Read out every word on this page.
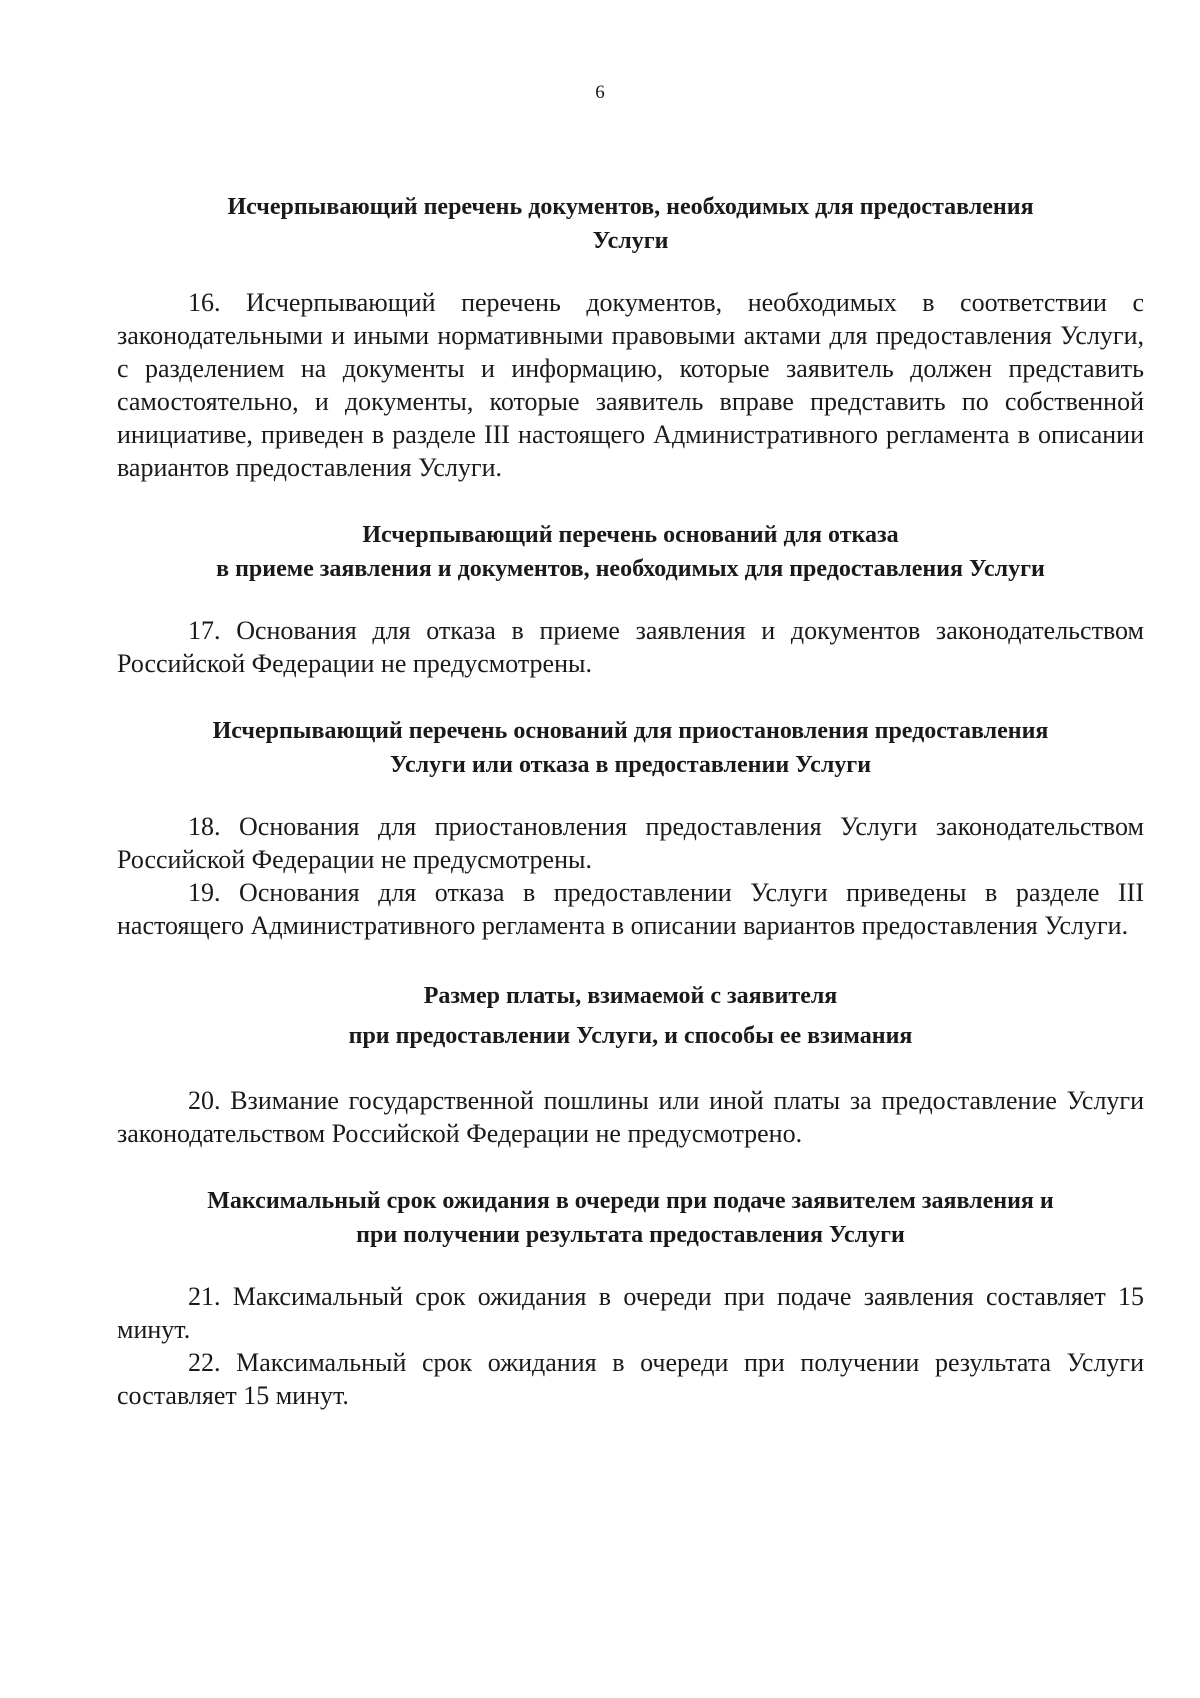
6

Исчерпывающий перечень документов, необходимых для предоставления
Услуги

16. Исчерпывающий перечень документов, необходимых в соответствии с законодательными и иными нормативными правовыми актами для предоставления Услуги, с разделением на документы и информацию, которые заявитель должен представить самостоятельно, и документы, которые заявитель вправе представить по собственной инициативе, приведен в разделе III настоящего Административного регламента в описании вариантов предоставления Услуги.

Исчерпывающий перечень оснований для отказа
в приеме заявления и документов, необходимых для предоставления Услуги

17. Основания для отказа в приеме заявления и документов законодательством Российской Федерации не предусмотрены.

Исчерпывающий перечень оснований для приостановления предоставления
Услуги или отказа в предоставлении Услуги

18. Основания для приостановления предоставления Услуги законодательством Российской Федерации не предусмотрены.

19. Основания для отказа в предоставлении Услуги приведены в разделе III настоящего Административного регламента в описании вариантов предоставления Услуги.

Размер платы, взимаемой с заявителя
при предоставлении Услуги, и способы ее взимания

20. Взимание государственной пошлины или иной платы за предоставление Услуги законодательством Российской Федерации не предусмотрено.

Максимальный срок ожидания в очереди при подаче заявителем заявления и
при получении результата предоставления Услуги

21. Максимальный срок ожидания в очереди при подаче заявления составляет 15 минут.

22. Максимальный срок ожидания в очереди при получении результата Услуги составляет 15 минут.
